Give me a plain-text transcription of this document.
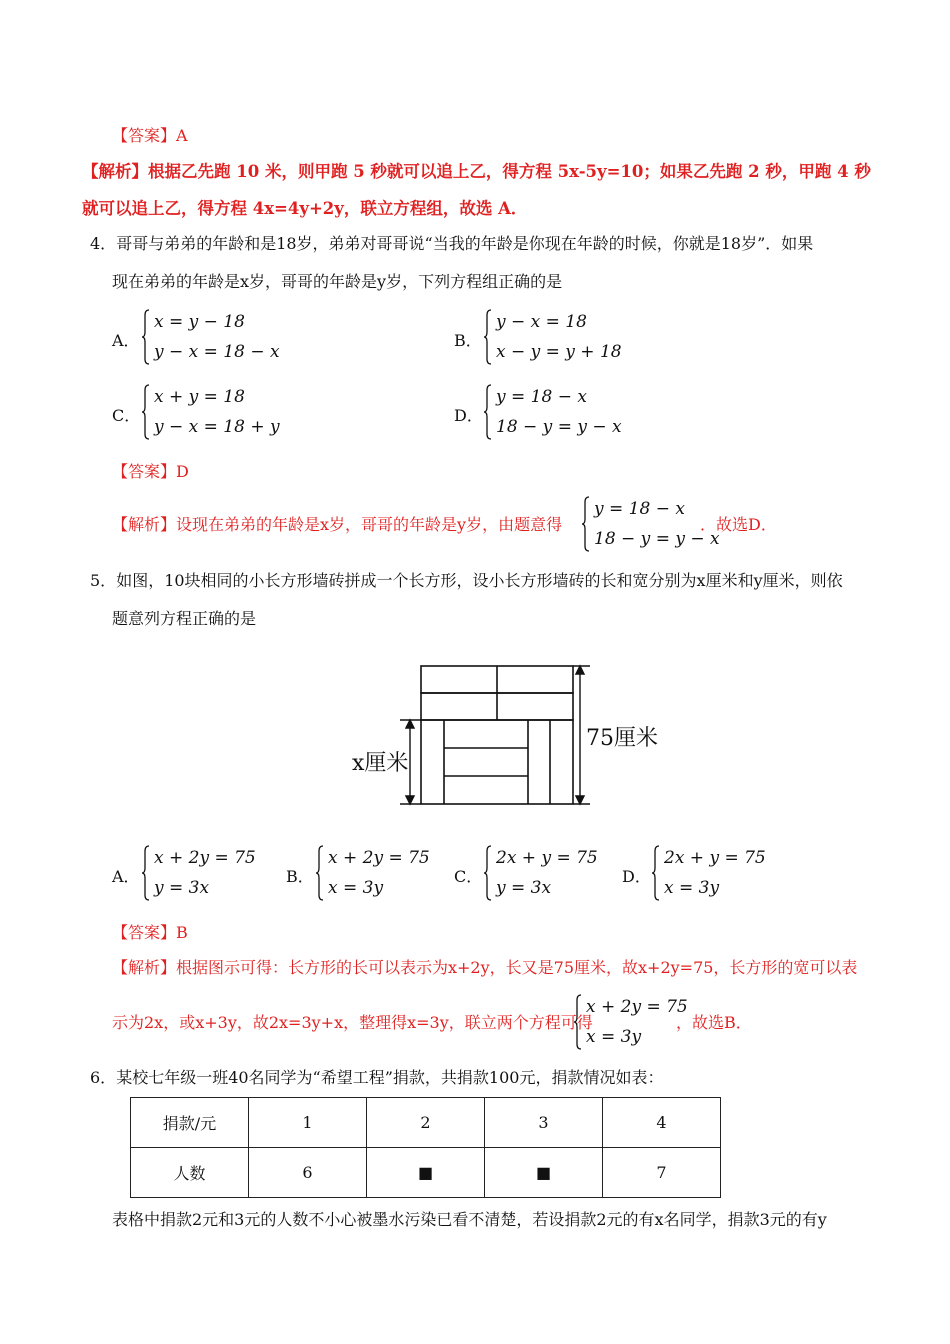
【答案】A
【解析】根据乙先跑 10 米，则甲跑 5 秒就可以追上乙，得方程 5x-5y=10；如果乙先跑 2 秒，甲跑 4 秒
就可以追上乙，得方程 4x=4y+2y，联立方程组，故选 A．
4．哥哥与弟弟的年龄和是18岁，弟弟对哥哥说“当我的年龄是你现在年龄的时候，你就是18岁”．如果
现在弟弟的年龄是x岁，哥哥的年龄是y岁，下列方程组正确的是
A．
x = y − 18
y − x = 18 − x
B．
y − x = 18
x − y = y + 18
C．
x + y = 18
y − x = 18 + y
D．
y = 18 − x
18 − y = y − x
【答案】D
【解析】设现在弟弟的年龄是x岁，哥哥的年龄是y岁，由题意得
y = 18 − x
18 − y = y − x
．故选D．
5．如图，10块相同的小长方形墙砖拼成一个长方形，设小长方形墙砖的长和宽分别为x厘米和y厘米，则依
题意列方程正确的是
x厘米
75厘米
A．
x + 2y = 75
y = 3x
B．
x + 2y = 75
x = 3y
C．
2x + y = 75
y = 3x
D．
2x + y = 75
x = 3y
【答案】B
【解析】根据图示可得：长方形的长可以表示为x+2y，长又是75厘米，故x+2y=75，长方形的宽可以表
示为2x，或x+3y，故2x=3y+x，整理得x=3y，联立两个方程可得
x + 2y = 75
x = 3y
，故选B．
6．某校七年级一班40名同学为“希望工程”捐款，共捐款100元，捐款情况如表：
捐款/元	1	2	3	4
人数	6	■	■	7
表格中捐款2元和3元的人数不小心被墨水污染已看不清楚，若设捐款2元的有x名同学，捐款3元的有y
